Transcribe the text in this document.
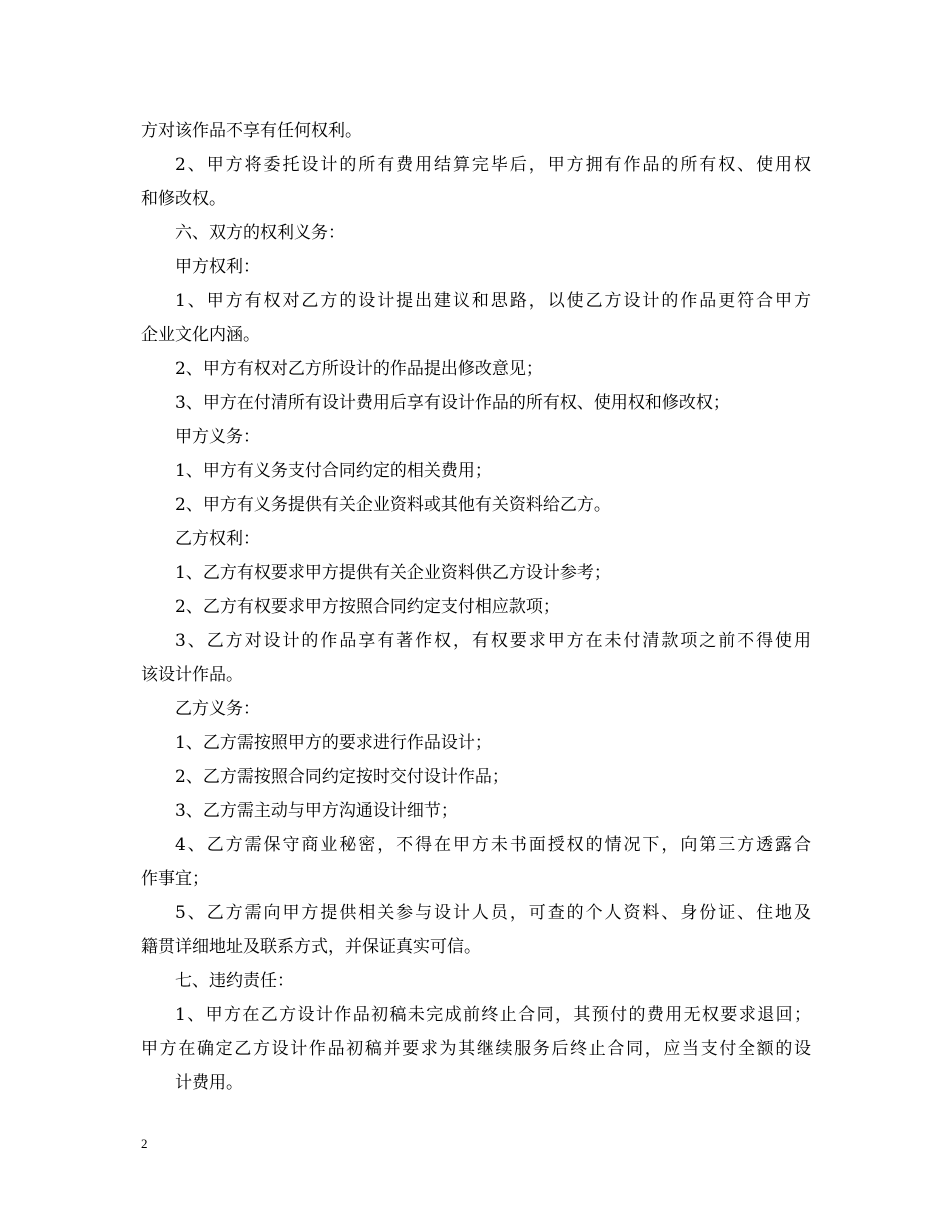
方对该作品不享有任何权利。
2、甲方将委托设计的所有费用结算完毕后，甲方拥有作品的所有权、使用权
和修改权。
六、双方的权利义务：
甲方权利：
1、甲方有权对乙方的设计提出建议和思路，以使乙方设计的作品更符合甲方
企业文化内涵。
2、甲方有权对乙方所设计的作品提出修改意见；
3、甲方在付清所有设计费用后享有设计作品的所有权、使用权和修改权；
甲方义务：
1、甲方有义务支付合同约定的相关费用；
2、甲方有义务提供有关企业资料或其他有关资料给乙方。
乙方权利：
1、乙方有权要求甲方提供有关企业资料供乙方设计参考；
2、乙方有权要求甲方按照合同约定支付相应款项；
3、乙方对设计的作品享有著作权，有权要求甲方在未付清款项之前不得使用
该设计作品。
乙方义务：
1、乙方需按照甲方的要求进行作品设计；
2、乙方需按照合同约定按时交付设计作品；
3、乙方需主动与甲方沟通设计细节；
4、乙方需保守商业秘密，不得在甲方未书面授权的情况下，向第三方透露合
作事宜；
5、乙方需向甲方提供相关参与设计人员，可查的个人资料、身份证、住地及
籍贯详细地址及联系方式，并保证真实可信。
七、违约责任：
1、甲方在乙方设计作品初稿未完成前终止合同，其预付的费用无权要求退回；
甲方在确定乙方设计作品初稿并要求为其继续服务后终止合同，应当支付全额的设
计费用。
2
